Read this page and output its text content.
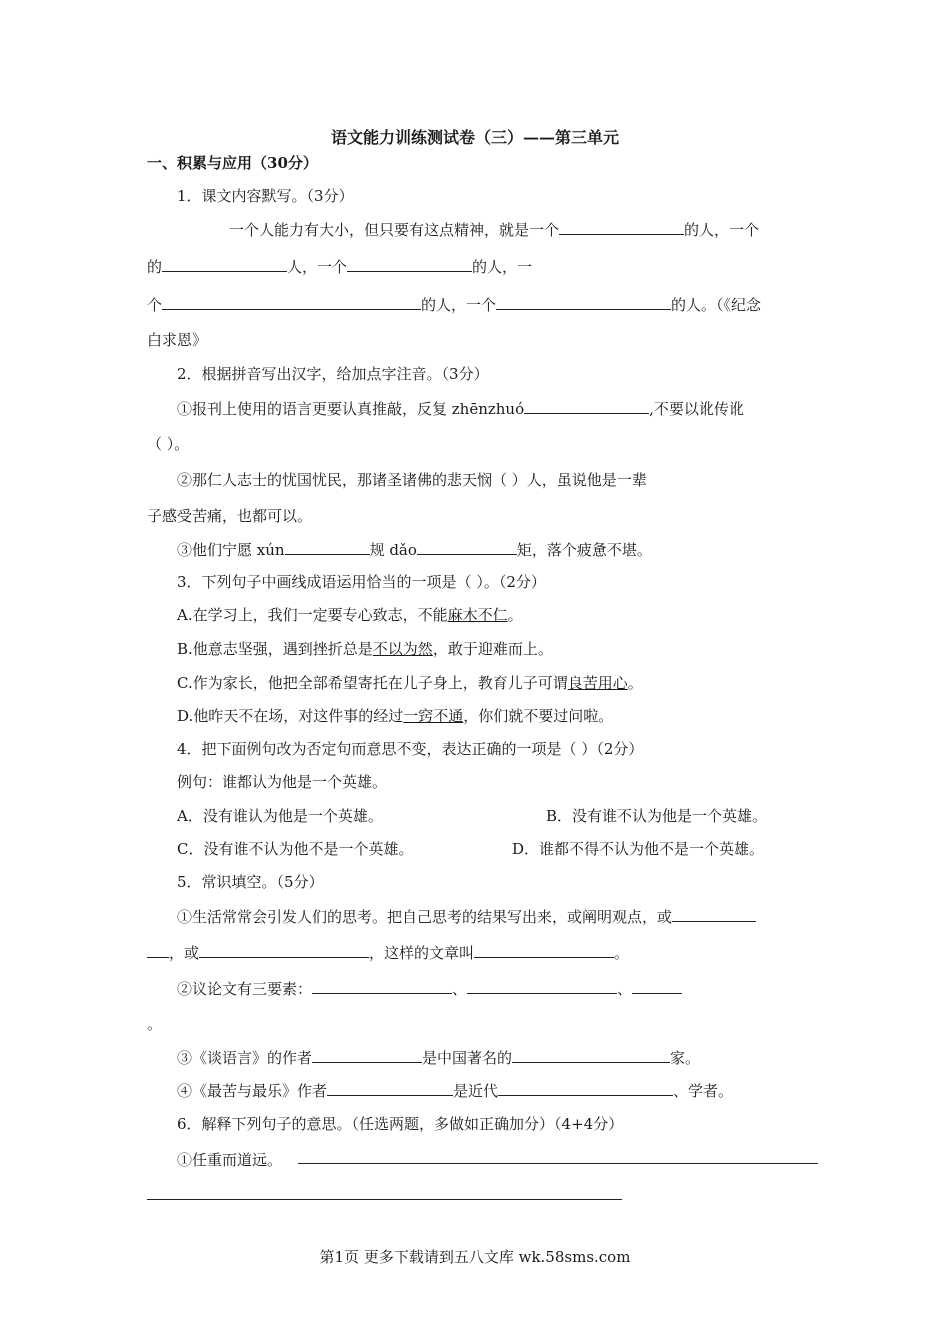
语文能力训练测试卷（三）——第三单元
一、积累与应用（30分）
1．课文内容默写。（3分）
一个人能力有大小，但只要有这点精神，就是一个	的人，一个
的	人，一个	的人，一
个	的人，一个	的人。（《纪念
白求恩》
2．根据拼音写出汉字，给加点字注音。（3分）
①报刊上使用的语言更要认真推敲，反复 zhēnzhuó	,不要以讹传讹
（ ）。
②那仁人志士的忧国忧民，那诸圣诸佛的悲天悯（ ）人，虽说他是一辈
子感受苦痛，也都可以。
③他们宁愿 xún	规 dǎo	矩，落个疲惫不堪。
3．下列句子中画线成语运用恰当的一项是（ ）。（2分）
A.在学习上，我们一定要专心致志，不能麻木不仁。
B.他意志坚强，遇到挫折总是不以为然，敢于迎难而上。
C.作为家长，他把全部希望寄托在儿子身上，教育儿子可谓良苦用心。
D.他昨天不在场，对这件事的经过一窍不通，你们就不要过问啦。
4．把下面例句改为否定句而意思不变，表达正确的一项是（ ）（2分）
例句：谁都认为他是一个英雄。
A．没有谁认为他是一个英雄。	B．没有谁不认为他是一个英雄。
C．没有谁不认为他不是一个英雄。	D．谁都不得不认为他不是一个英雄。
5．常识填空。（5分）
①生活常常会引发人们的思考。把自己思考的结果写出来，或阐明观点，或
，或	，这样的文章叫	。
②议论文有三要素：	、	、
。
③《谈语言》的作者	是中国著名的	家。
④《最苦与最乐》作者	是近代	、学者。
6．解释下列句子的意思。（任选两题，多做如正确加分）（4+4分）
①任重而道远。
第1页 更多下载请到五八文库 wk.58sms.com
